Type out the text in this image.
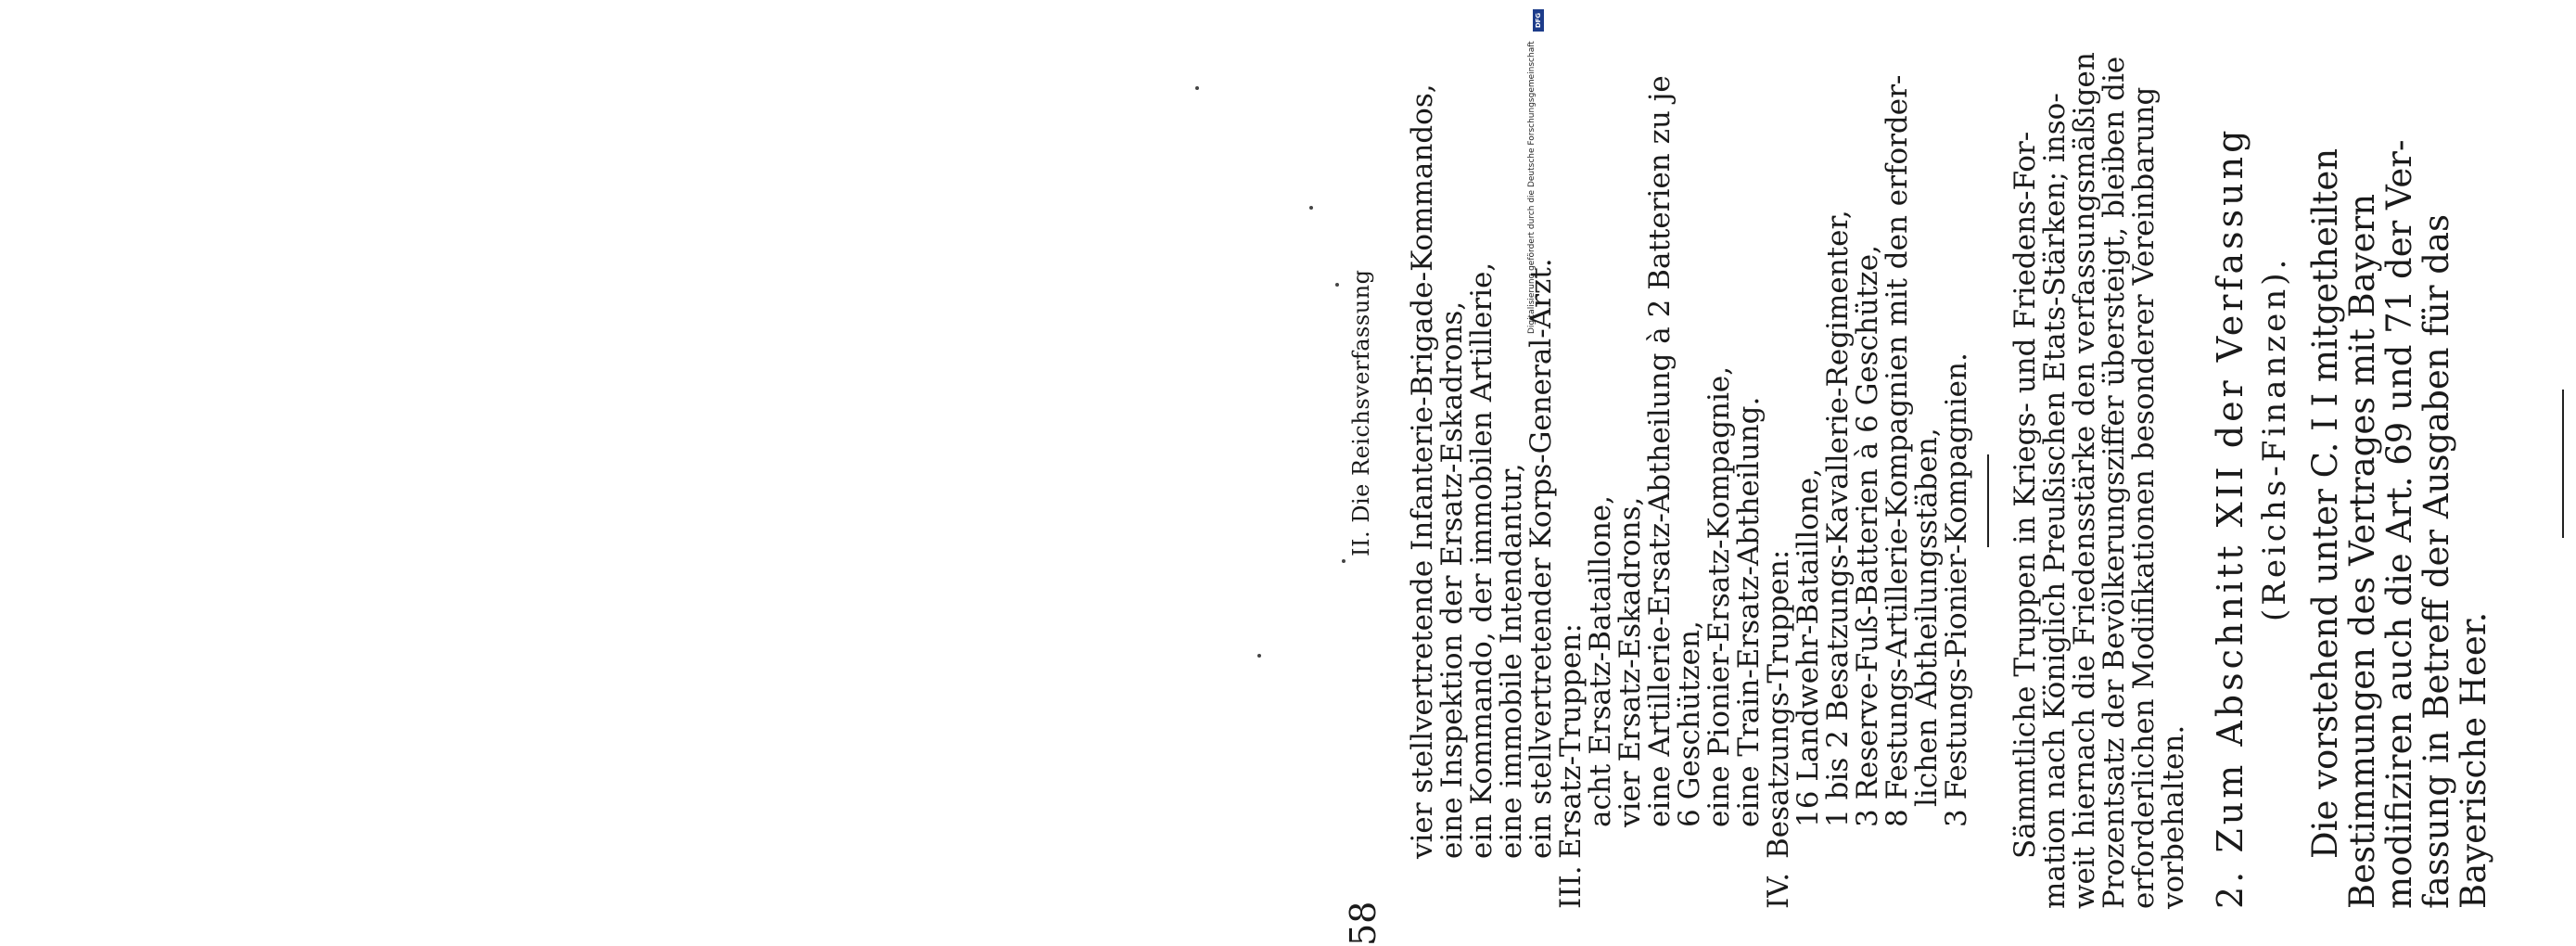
58
II. Die Reichsverfassung vier stellvertretende Infanterie-Brigade-Kommandos,
eine Inspektion der Ersatz-Eskadrons,
ein Kommando, der immobilen Artillerie,
eine immobile Intendantur,
ein stellvertretender Korps-General-Arzt.
III.Ersatz-Truppen:
acht Ersatz-Bataillone,
vier Ersatz-Eskadrons,
eine Artillerie-Ersatz-Abtheilung à 2 Batterien zu je
6 Geschützen,
eine Pionier-Ersatz-Kompagnie,
eine Train-Ersatz-Abtheilung.
IV.Besatzungs-Truppen:
16 Landwehr-Bataillone,
1 bis 2 Besatzungs-Kavallerie-Regimenter,
3 Reserve-Fuß-Batterien à 6 Geschütze,
8 Festungs-Artillerie-Kompagnien mit den erforder-
lichen Abtheilungsstäben,
3 Festungs-Pionier-Kompagnien. Sämmtliche Truppen in Kriegs- und Friedens-For-
mation nach Königlich Preußischen Etats-Stärken; inso-
weit hiernach die Friedensstärke den verfassungsmäßigen
Prozentsatz der Bevölkerungsziffer übersteigt, bleiben die
erforderlichen Modifikationen besonderer Vereinbarung
vorbehalten. 2. Zum Abschnitt XII der Verfassung (Reichs-Finanzen). Die vorstehend unter C. I I mitgetheilten
Bestimmungen des Vertrages mit Bayern
modifiziren auch die Art. 69 und 71 der Ver-
fassung in Betreff der Ausgaben für das
Bayerische Heer.
DFG
Digitalisierung gefördert durch die Deutsche Forschungsgemeinschaft
